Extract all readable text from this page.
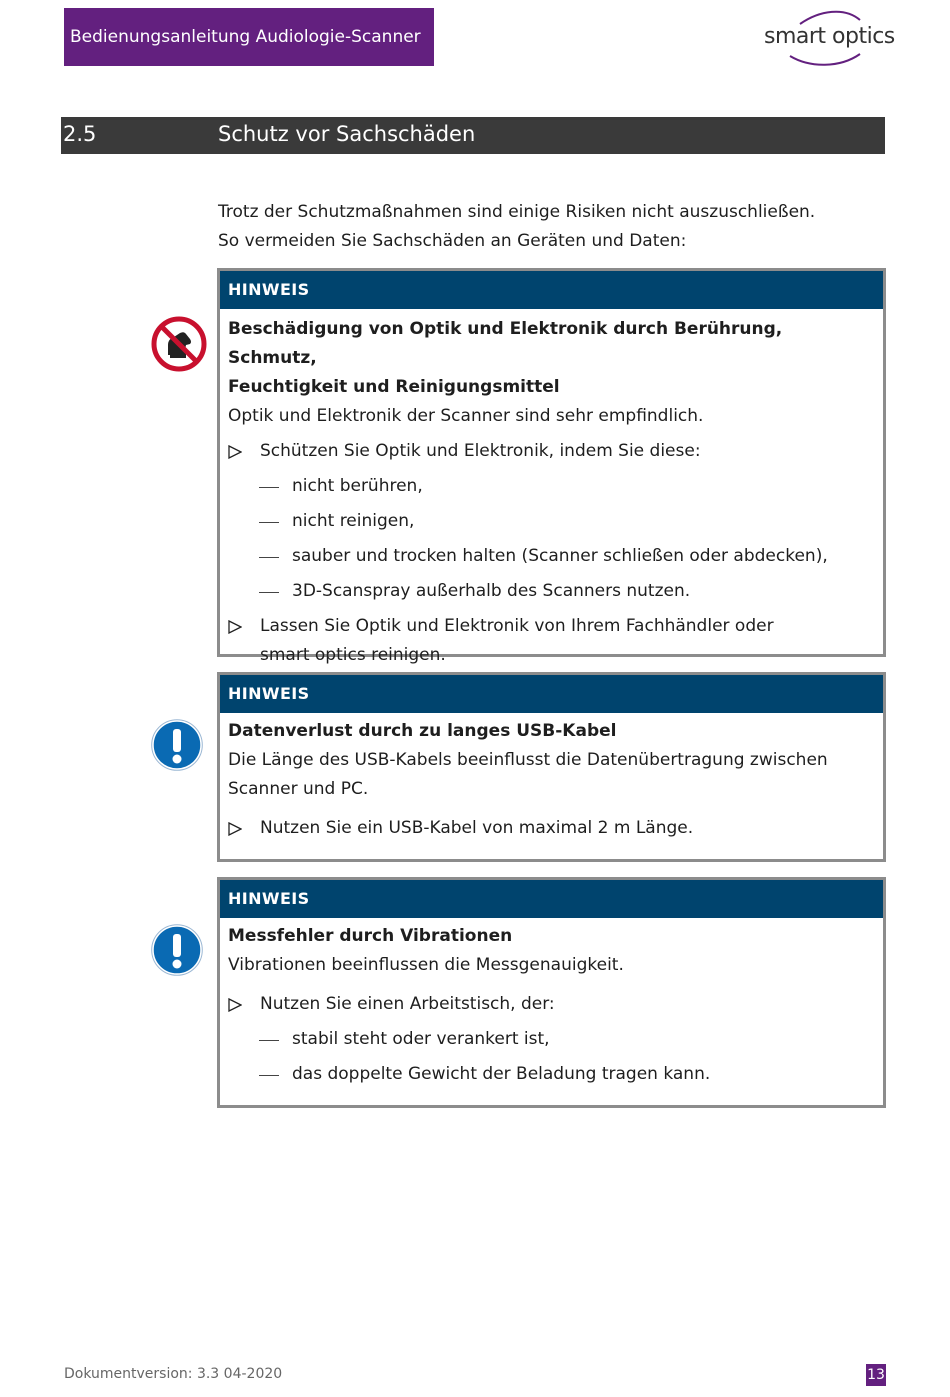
Bedienungsanleitung Audiologie-Scanner	smart optics
2.5	Schutz vor Sachschäden

Trotz der Schutzmaßnahmen sind einige Risiken nicht auszuschließen.

So vermeiden Sie Sachschäden an Geräten und Daten:

HINWEIS
Beschädigung von Optik und Elektronik durch Berührung, Schmutz,
Feuchtigkeit und Reinigungsmittel
Optik und Elektronik der Scanner sind sehr empfindlich.
Schützen Sie Optik und Elektronik, indem Sie diese:
nicht berühren,
nicht reinigen,
sauber und trocken halten (Scanner schließen oder abdecken),
3D-Scanspray außerhalb des Scanners nutzen.
Lassen Sie Optik und Elektronik von Ihrem Fachhändler oder
smart optics reinigen.
HINWEIS
Datenverlust durch zu langes USB-Kabel
Die Länge des USB-Kabels beeinflusst die Datenübertragung zwischen
Scanner und PC.
Nutzen Sie ein USB-Kabel von maximal 2 m Länge.
HINWEIS
Messfehler durch Vibrationen
Vibrationen beeinflussen die Messgenauigkeit.
Nutzen Sie einen Arbeitstisch, der:
stabil steht oder verankert ist,
das doppelte Gewicht der Beladung tragen kann.
Dokumentversion: 3.3 04-2020	13
